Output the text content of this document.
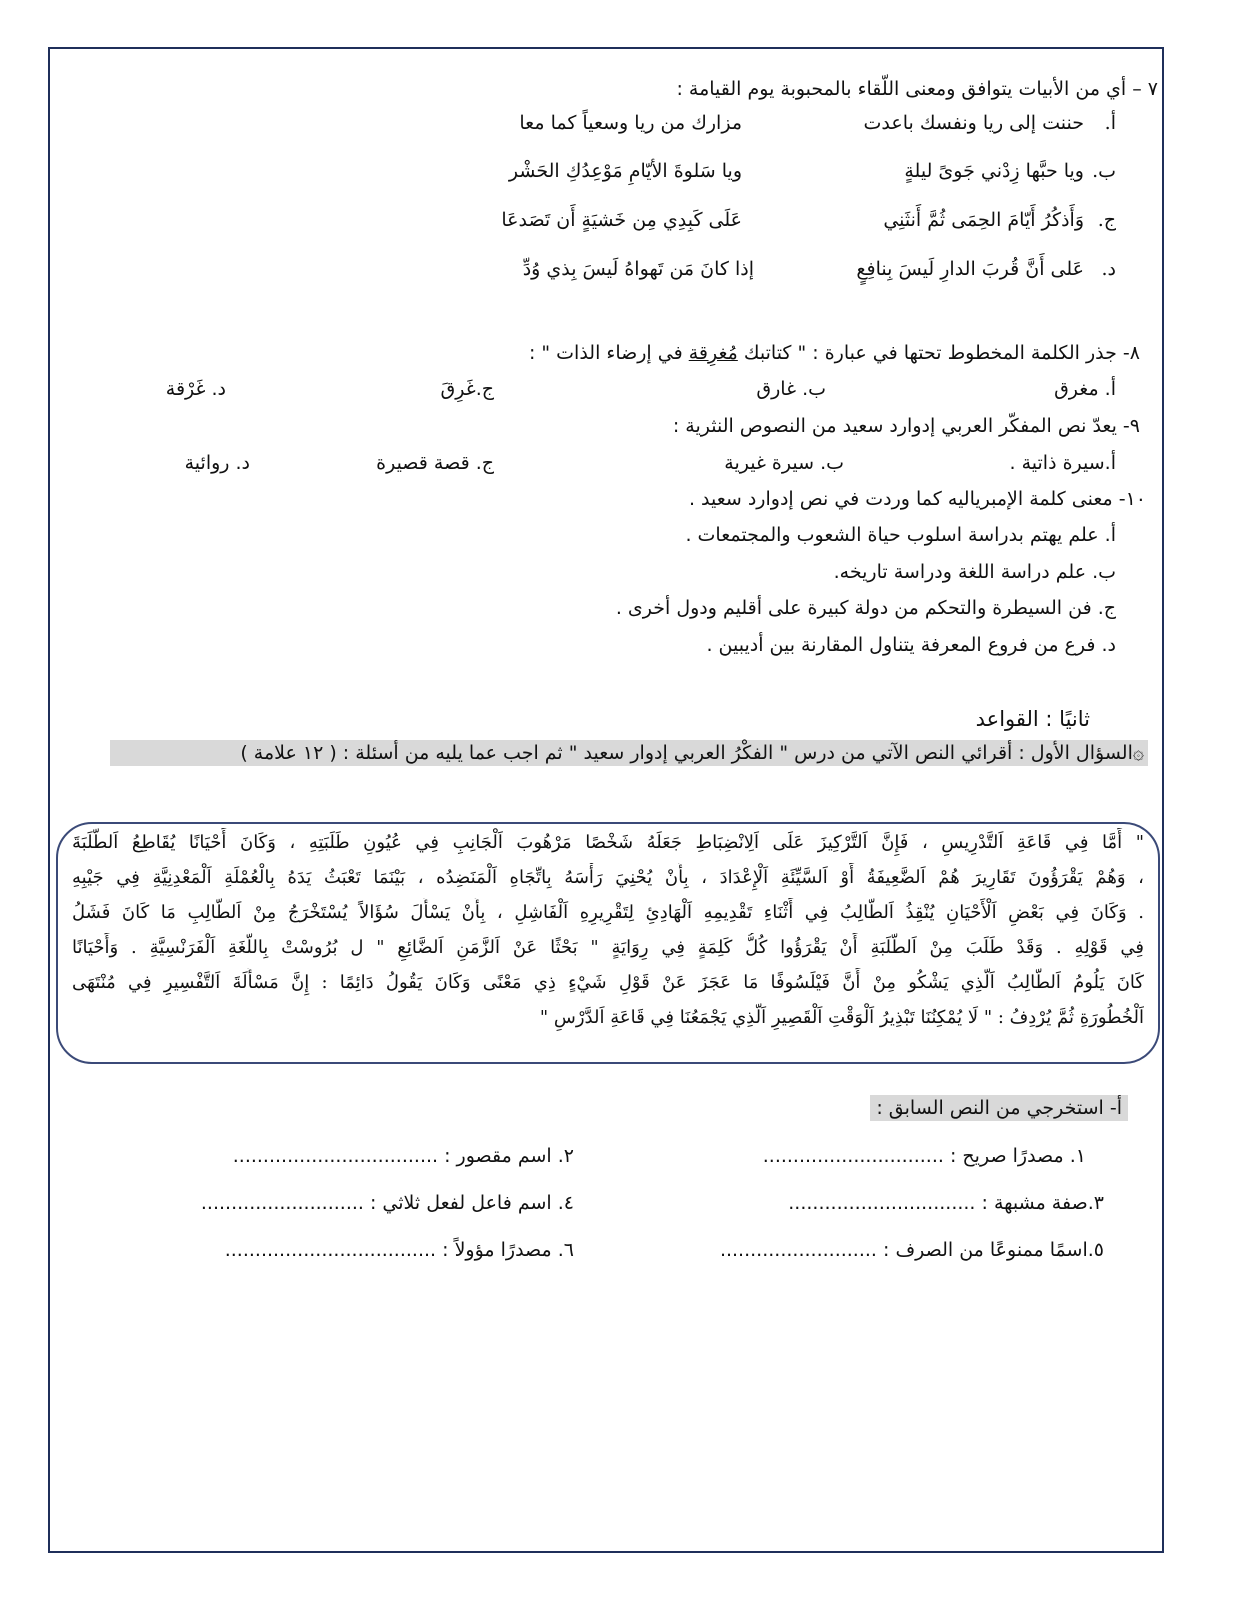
٧ – أي من الأبيات يتوافق ومعنى اللّقاء بالمحبوبة يوم القيامة :
أ.
حننت إلى ريا ونفسك باعدت
مزارك من ريا وسعياً كما معا
ب.
ويا حبَّها زِدْني جَوىً ليلةٍ
ويا سَلوةَ الأيّامِ مَوْعِدُكِ الحَشْر
ج.
وَأَذكُرُ أَيّامَ الحِمَى ثُمَّ أَنثَنِي
عَلَى كَبِدِي مِن خَشيَةٍ أَن تَصَدعَا
د.
عَلى أَنَّ قُربَ الدارِ لَيسَ بِنافِعٍ
إذا كانَ مَن تَهواهُ لَيسَ بِذي وُدِّ
٨- جذر الكلمة المخطوط تحتها في عبارة : " كتاتبك مُغرِقة في إرضاء الذات " :
أ. مغرق
ب. غارق
ج.غَرِقَ
د. غَرْقة
٩- يعدّ نص المفكّر العربي إدوارد سعيد من النصوص النثرية :
أ.سيرة ذاتية .
ب. سيرة غيرية
ج. قصة قصيرة
د. روائية
١٠- معنى كلمة الإمبرياليه كما وردت في نص إدوارد سعيد .
أ. علم يهتم بدراسة اسلوب حياة الشعوب والمجتمعات .
ب. علم دراسة اللغة ودراسة تاريخه.
ج. فن السيطرة والتحكم من دولة كبيرة على أقليم ودول أخرى .
د. فرع من فروع المعرفة يتناول المقارنة بين أديبين .
ثانيًا : القواعد
۞السؤال الأول : أقرائي النص الآتي من درس " الفكْرُ العربي إدوار سعيد " ثم اجب عما يليه من أسئلة : ( ١٢ علامة )
" أَمَّا فِي قَاعَةِ اَلتَّدْرِيسِ ، فَإِنَّ اَلتَّرْكِيزَ عَلَى اَلِانْضِبَاطِ جَعَلَهُ شَخْصًا مَرْهُوبَ اَلْجَانِبِ فِي عُيُونِ طَلَبَتِهِ ، وَكَانَ أَحْيَانًا يُقَاطِعُ اَلطَّلَبَةَ
، وَهُمْ يَقْرَؤُونَ تَقَارِيرَ هُمْ اَلضَّعِيفَةُ أَوْ اَلسَّيِّئَةِ اَلْإِعْدَادَ ، بِأَنْ يُحْنِيَ رَأْسَهُ بِاتِّجَاهِ اَلْمَنَضِدُه ، بَيْنَمَا تَعْبَثُ يَدَهُ بِالْعُمْلَةِ اَلْمَعْدِنِيَّةِ فِي جَيْبِهِ
. وَكَانَ فِي بَعْضِ اَلْأَحْيَانِ يُنْقِذُ اَلطَّالِبُ فِي أَثْنَاءِ تَقْدِيمِهِ اَلْهَادِئِ لِتَقْرِيرِهِ اَلْفَاشِلِ ، بِأَنْ يَسْأَلَ سُؤَالاً يُسْتَخْرَجُ مِنْ اَلطَّالِبِ مَا كَانَ فَشَلُ
فِي قَوْلِهِ . وَقَدْ طَلَبَ مِنْ اَلطَّلَبَةِ أَنْ يَقْرَؤُوا كُلُّ كَلِمَةٍ فِي رِوَايَةٍ " بَحْثًا عَنْ اَلزَّمَنِ اَلضَّائِعِ " ل بُرُوسْتْ بِاللُّغَةِ اَلْفَرَنْسِيَّةِ . وَأَحْيَانًا
كَانَ يَلُومُ اَلطَّالِبُ اَلَّذِي يَشْكُو مِنْ أَنَّ فَيْلَسُوفًا مَا عَجَزَ عَنْ قَوْلِ شَيْءٍ ذِي مَعْنًى وَكَانَ يَقُولُ دَائِمًا : إِنَّ مَسْأَلَةَ اَلتَّفْسِيرِ فِي مُنْتَهَى
اَلْخُطُورَةِ ثُمَّ يُرْدِفُ : " لَا يُمْكِنُنَا تَبْذِيرُ اَلْوَقْتِ اَلْقَصِيرِ اَلَّذِي يَجْمَعُنَا فِي قَاعَةِ اَلدَّرْسِ "
أ- استخرجي من النص السابق :
١. مصدرًا صريح : ..............................
٢. اسم مقصور : ..................................
٣.صفة مشبهة : ...............................
٤. اسم فاعل لفعل ثلاثي : ...........................
٥.اسمًا ممنوعًا من الصرف : ..........................
٦. مصدرًا مؤولاً : ...................................
